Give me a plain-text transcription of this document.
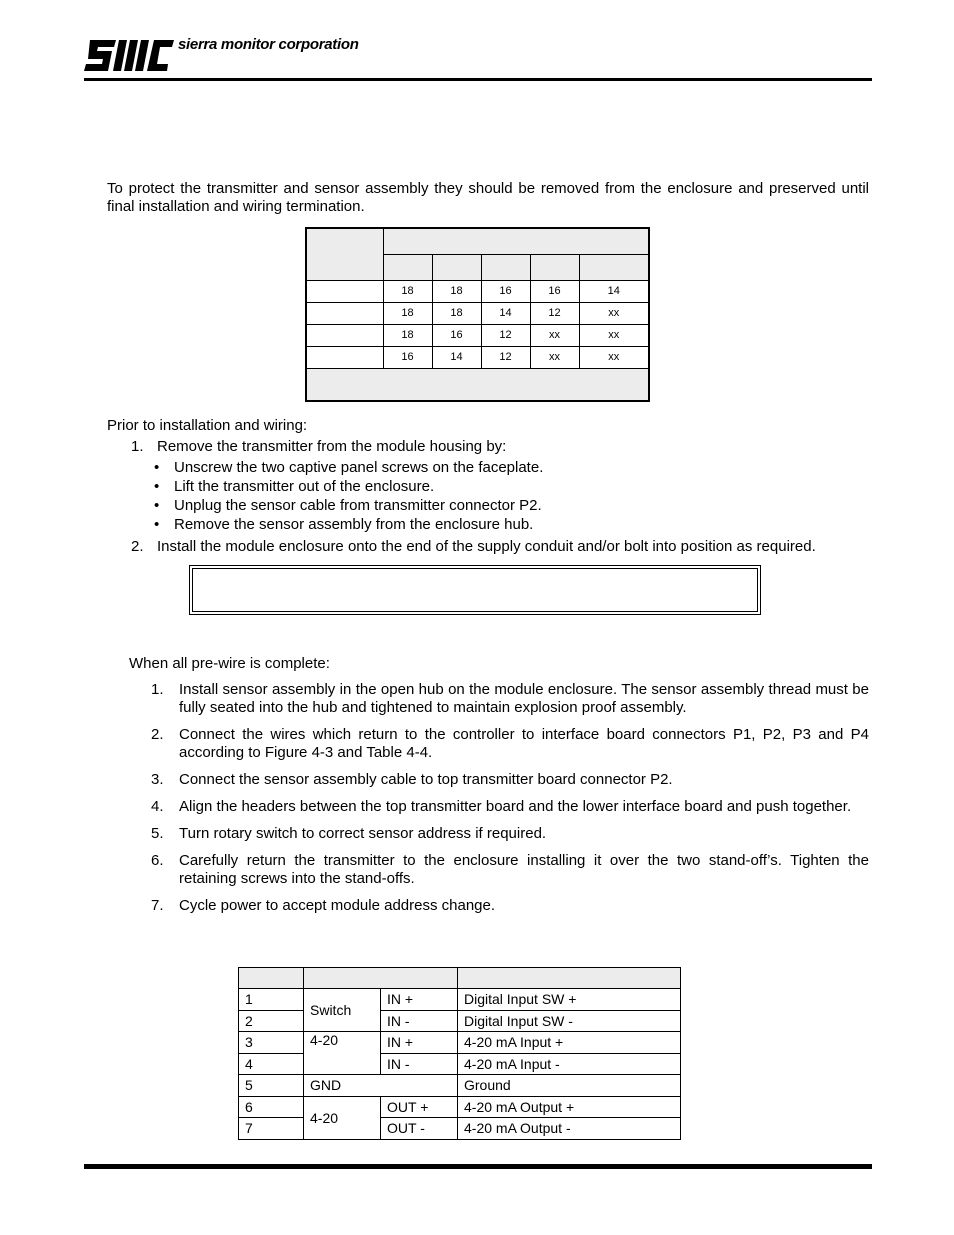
sierra monitor corporation

To protect the transmitter and sensor assembly they should be removed from the enclosure and preserved until final installation and wiring termination.

	18	18	16	16	14
	18	18	14	12	xx
	18	16	12	xx	xx
	16	14	12	xx	xx

Prior to installation and wiring:

1. Remove the transmitter from the module housing by:

• Unscrew the two captive panel screws on the faceplate.
• Lift the transmitter out of the enclosure.
• Unplug the sensor cable from transmitter connector P2.
• Remove the sensor assembly from the enclosure hub.

2. Install the module enclosure onto the end of the supply conduit and/or bolt into position as required.

When all pre-wire is complete:

1. Install sensor assembly in the open hub on the module enclosure. The sensor assembly thread must be fully seated into the hub and tightened to maintain explosion proof assembly.
2. Connect the wires which return to the controller to interface board connectors P1, P2, P3 and P4 according to Figure 4-3 and Table 4-4.
3. Connect the sensor assembly cable to top transmitter board connector P2.
4. Align the headers between the top transmitter board and the lower interface board and push together.
5. Turn rotary switch to correct sensor address if required.
6. Carefully return the transmitter to the enclosure installing it over the two stand-off’s. Tighten the retaining screws into the stand-offs.
7. Cycle power to accept module address change.

1	Switch	IN +	Digital Input SW +
2		IN -	Digital Input SW -
3	4-20	IN +	4-20 mA Input +
4		IN -	4-20 mA Input -
5	GND		Ground
6	4-20	OUT +	4-20 mA Output +
7		OUT -	4-20 mA Output -
